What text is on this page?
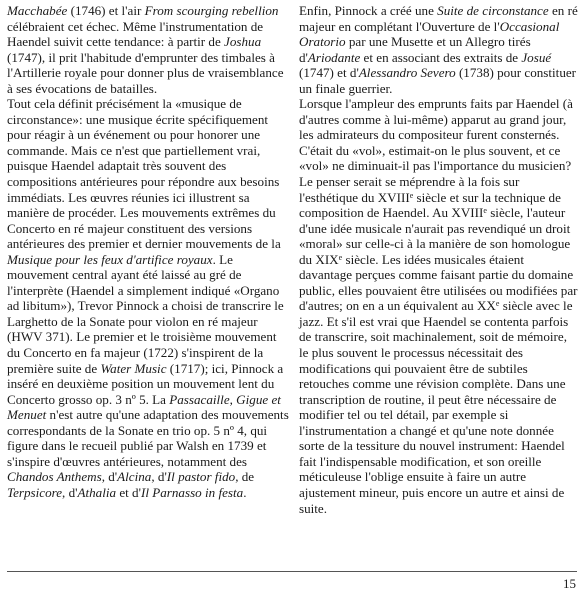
Macchabée (1746) et l'air From scourging rebellion célébraient cet échec. Même l'instrumentation de Haendel suivit cette tendance: à partir de Joshua (1747), il prit l'habitude d'emprunter des timbales à l'Artillerie royale pour donner plus de vraisemblance à ses évocations de batailles.

Tout cela définit précisément la «musique de circonstance»: une musique écrite spécifiquement pour réagir à un événement ou pour honorer une commande. Mais ce n'est que partiellement vrai, puisque Haendel adaptait très souvent des compositions antérieures pour répondre aux besoins immédiats. Les œuvres réunies ici illustrent sa manière de procéder. Les mouvements extrêmes du Concerto en ré majeur constituent des versions antérieures des premier et dernier mouvements de la Musique pour les feux d'artifice royaux. Le mouvement central ayant été laissé au gré de l'interprète (Haendel a simplement indiqué «Organo ad libitum»), Trevor Pinnock a choisi de transcrire le Larghetto de la Sonate pour violon en ré majeur (HWV 371). Le premier et le troisième mouvement du Concerto en fa majeur (1722) s'inspirent de la première suite de Water Music (1717); ici, Pinnock a inséré en deuxième position un mouvement lent du Concerto grosso op. 3 nº 5. La Passacaille, Gigue et Menuet n'est autre qu'une adaptation des mouvements correspondants de la Sonate en trio op. 5 nº 4, qui figure dans le recueil publié par Walsh en 1739 et s'inspire d'œuvres antérieures, notamment des Chandos Anthems, d'Alcina, d'Il pastor fido, de Terpsicore, d'Athalia et d'Il Parnasso in festa.

Enfin, Pinnock a créé une Suite de circonstance en ré majeur en complétant l'Ouverture de l'Occasional Oratorio par une Musette et un Allegro tirés d'Ariodante et en associant des extraits de Josué (1747) et d'Alessandro Severo (1738) pour constituer un finale guerrier.

Lorsque l'ampleur des emprunts faits par Haendel (à d'autres comme à lui-même) apparut au grand jour, les admirateurs du compositeur furent consternés. C'était du «vol», estimait-on le plus souvent, et ce «vol» ne diminuait-il pas l'importance du musicien? Le penser serait se méprendre à la fois sur l'esthétique du XVIIIe siècle et sur la technique de composition de Haendel. Au XVIIIe siècle, l'auteur d'une idée musicale n'aurait pas revendiqué un droit «moral» sur celle-ci à la manière de son homologue du XIXe siècle. Les idées musicales étaient davantage perçues comme faisant partie du domaine public, elles pouvaient être utilisées ou modifiées par d'autres; on en a un équivalent au XXe siècle avec le jazz. Et s'il est vrai que Haendel se contenta parfois de transcrire, soit machinalement, soit de mémoire, le plus souvent le processus nécessitait des modifications qui pouvaient être de subtiles retouches comme une révision complète. Dans une transcription de routine, il peut être nécessaire de modifier tel ou tel détail, par exemple si l'instrumentation a changé et qu'une note donnée sorte de la tessiture du nouvel instrument: Haendel fait l'indispensable modification, et son oreille méticuleuse l'oblige ensuite à faire un autre ajustement mineur, puis encore un autre et ainsi de suite.

15
